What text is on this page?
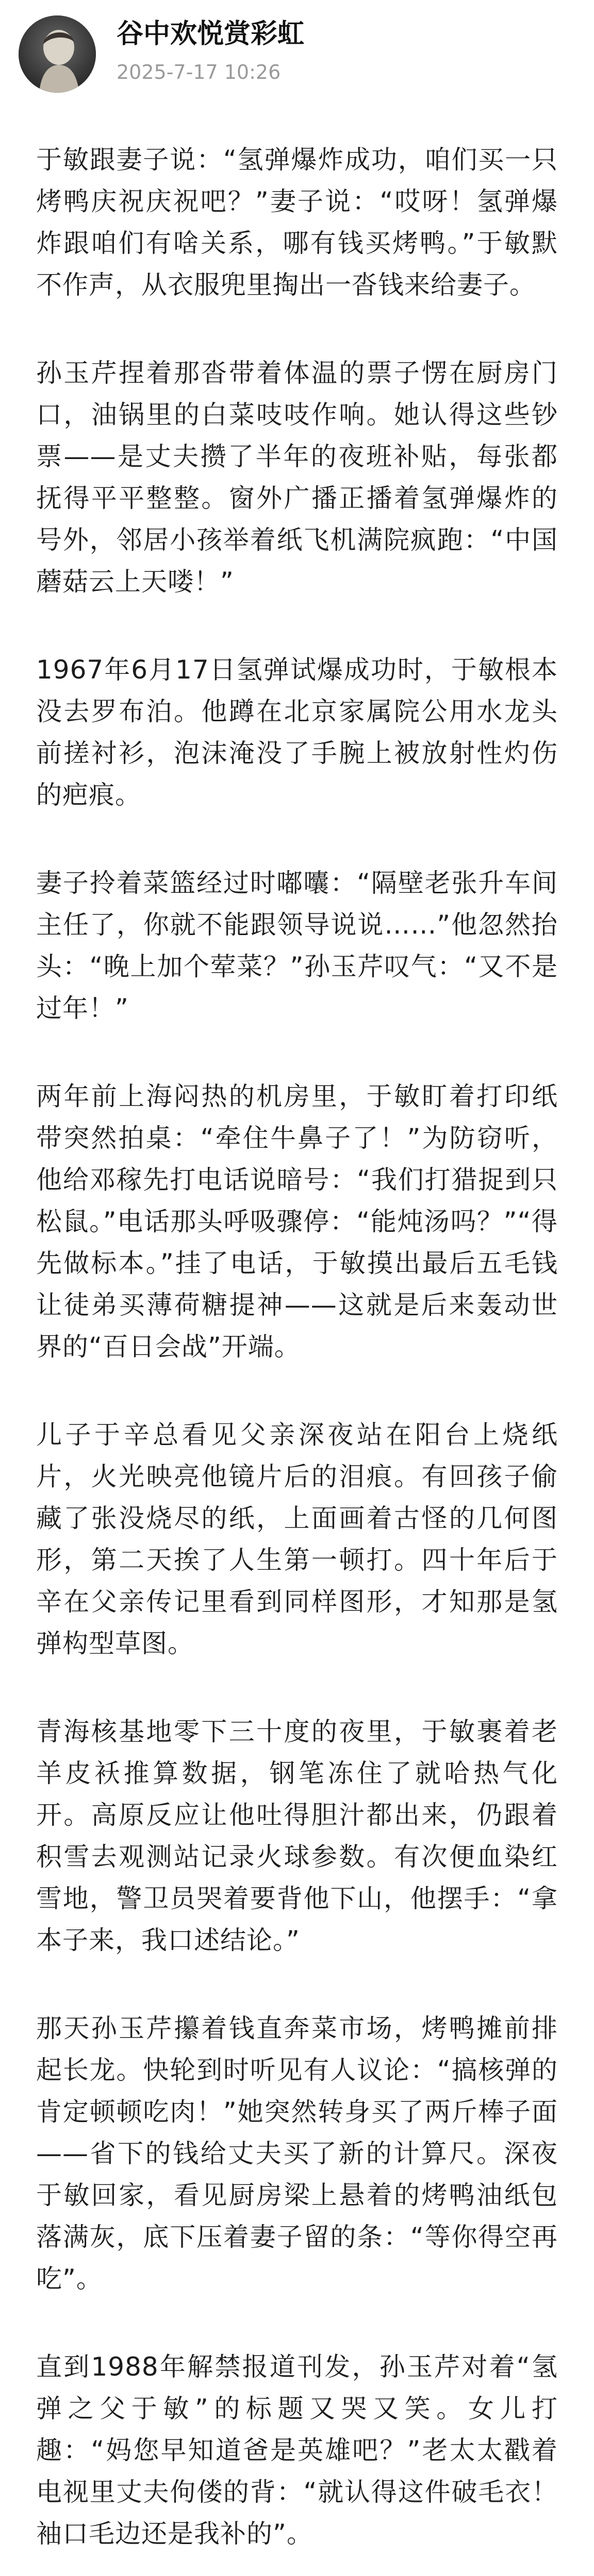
谷中欢悦赏彩虹
2025-7-17 10:26

于敏跟妻子说：“氢弹爆炸成功，咱们买一只烤鸭庆祝庆祝吧？”妻子说：“哎呀！氢弹爆炸跟咱们有啥关系，哪有钱买烤鸭。”于敏默不作声，从衣服兜里掏出一沓钱来给妻子。

孙玉芹捏着那沓带着体温的票子愣在厨房门口，油锅里的白菜吱吱作响。她认得这些钞票——是丈夫攒了半年的夜班补贴，每张都抚得平平整整。窗外广播正播着氢弹爆炸的号外，邻居小孩举着纸飞机满院疯跑：“中国蘑菇云上天喽！”

1967年6月17日氢弹试爆成功时，于敏根本没去罗布泊。他蹲在北京家属院公用水龙头前搓衬衫，泡沫淹没了手腕上被放射性灼伤的疤痕。

妻子拎着菜篮经过时嘟囔：“隔壁老张升车间主任了，你就不能跟领导说说……”他忽然抬头：“晚上加个荤菜？”孙玉芹叹气：“又不是过年！”

两年前上海闷热的机房里，于敏盯着打印纸带突然拍桌：“牵住牛鼻子了！”为防窃听，他给邓稼先打电话说暗号：“我们打猎捉到只松鼠。”电话那头呼吸骤停：“能炖汤吗？”“得先做标本。”挂了电话，于敏摸出最后五毛钱让徒弟买薄荷糖提神——这就是后来轰动世界的“百日会战”开端。

儿子于辛总看见父亲深夜站在阳台上烧纸片，火光映亮他镜片后的泪痕。有回孩子偷藏了张没烧尽的纸，上面画着古怪的几何图形，第二天挨了人生第一顿打。四十年后于辛在父亲传记里看到同样图形，才知那是氢弹构型草图。

青海核基地零下三十度的夜里，于敏裹着老羊皮袄推算数据，钢笔冻住了就哈热气化开。高原反应让他吐得胆汁都出来，仍跟着积雪去观测站记录火球参数。有次便血染红雪地，警卫员哭着要背他下山，他摆手：“拿本子来，我口述结论。”

那天孙玉芹攥着钱直奔菜市场，烤鸭摊前排起长龙。快轮到时听见有人议论：“搞核弹的肯定顿顿吃肉！”她突然转身买了两斤棒子面——省下的钱给丈夫买了新的计算尺。深夜于敏回家，看见厨房梁上悬着的烤鸭油纸包落满灰，底下压着妻子留的条：“等你得空再吃”。

直到1988年解禁报道刊发，孙玉芹对着“氢弹之父于敏”的标题又哭又笑。女儿打趣：“妈您早知道爸是英雄吧？”老太太戳着电视里丈夫佝偻的背：“就认得这件破毛衣！袖口毛边还是我补的”。
